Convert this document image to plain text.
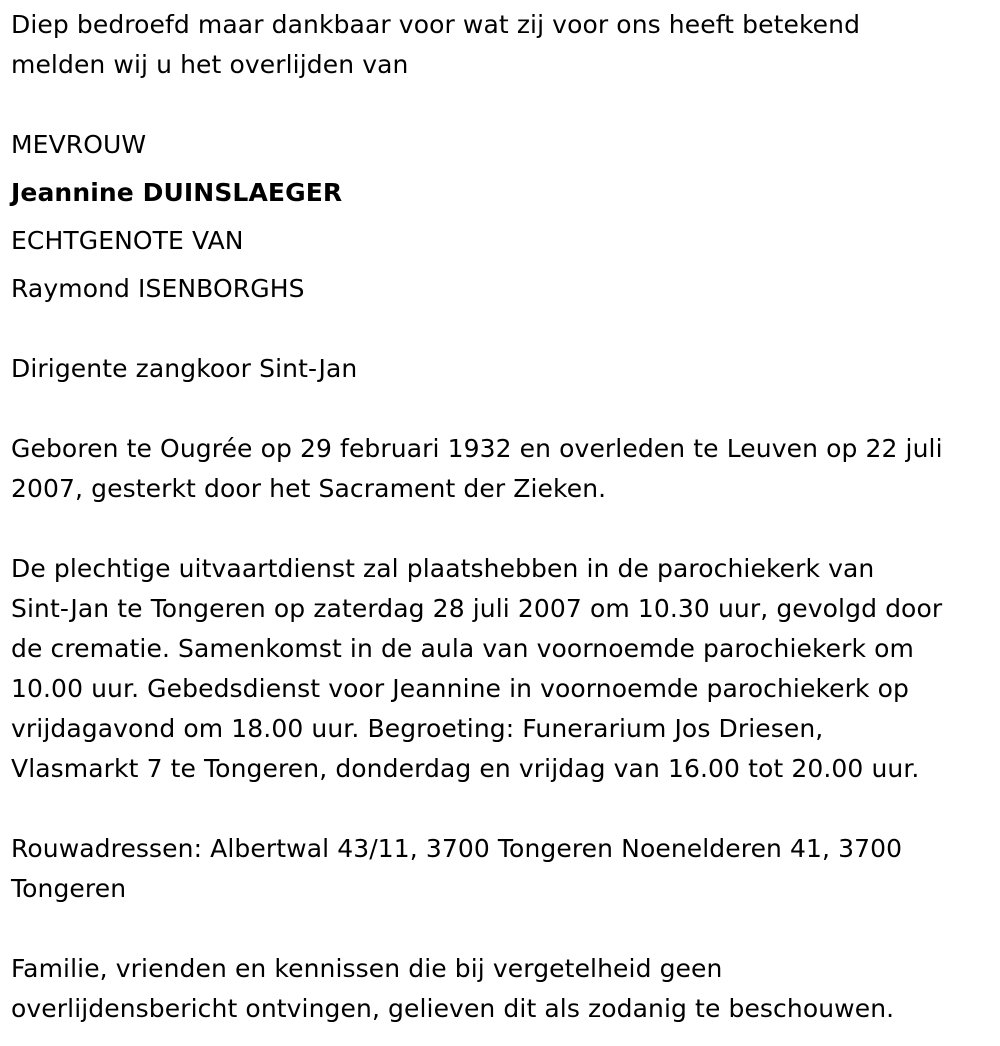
Diep bedroefd maar dankbaar voor wat zij voor ons heeft betekend
melden wij u het overlijden van
MEVROUW
Jeannine DUINSLAEGER
ECHTGENOTE VAN
Raymond ISENBORGHS
Dirigente zangkoor Sint-Jan
Geboren te Ougrée op 29 februari 1932 en overleden te Leuven op 22 juli
2007, gesterkt door het Sacrament der Zieken.
De plechtige uitvaartdienst zal plaatshebben in de parochiekerk van
Sint-Jan te Tongeren op zaterdag 28 juli 2007 om 10.30 uur, gevolgd door
de crematie. Samenkomst in de aula van voornoemde parochiekerk om
10.00 uur. Gebedsdienst voor Jeannine in voornoemde parochiekerk op
vrijdagavond om 18.00 uur. Begroeting: Funerarium Jos Driesen,
Vlasmarkt 7 te Tongeren, donderdag en vrijdag van 16.00 tot 20.00 uur.
Rouwadressen: Albertwal 43/11, 3700 Tongeren Noenelderen 41, 3700
Tongeren
Familie, vrienden en kennissen die bij vergetelheid geen
overlijdensbericht ontvingen, gelieven dit als zodanig te beschouwen.
